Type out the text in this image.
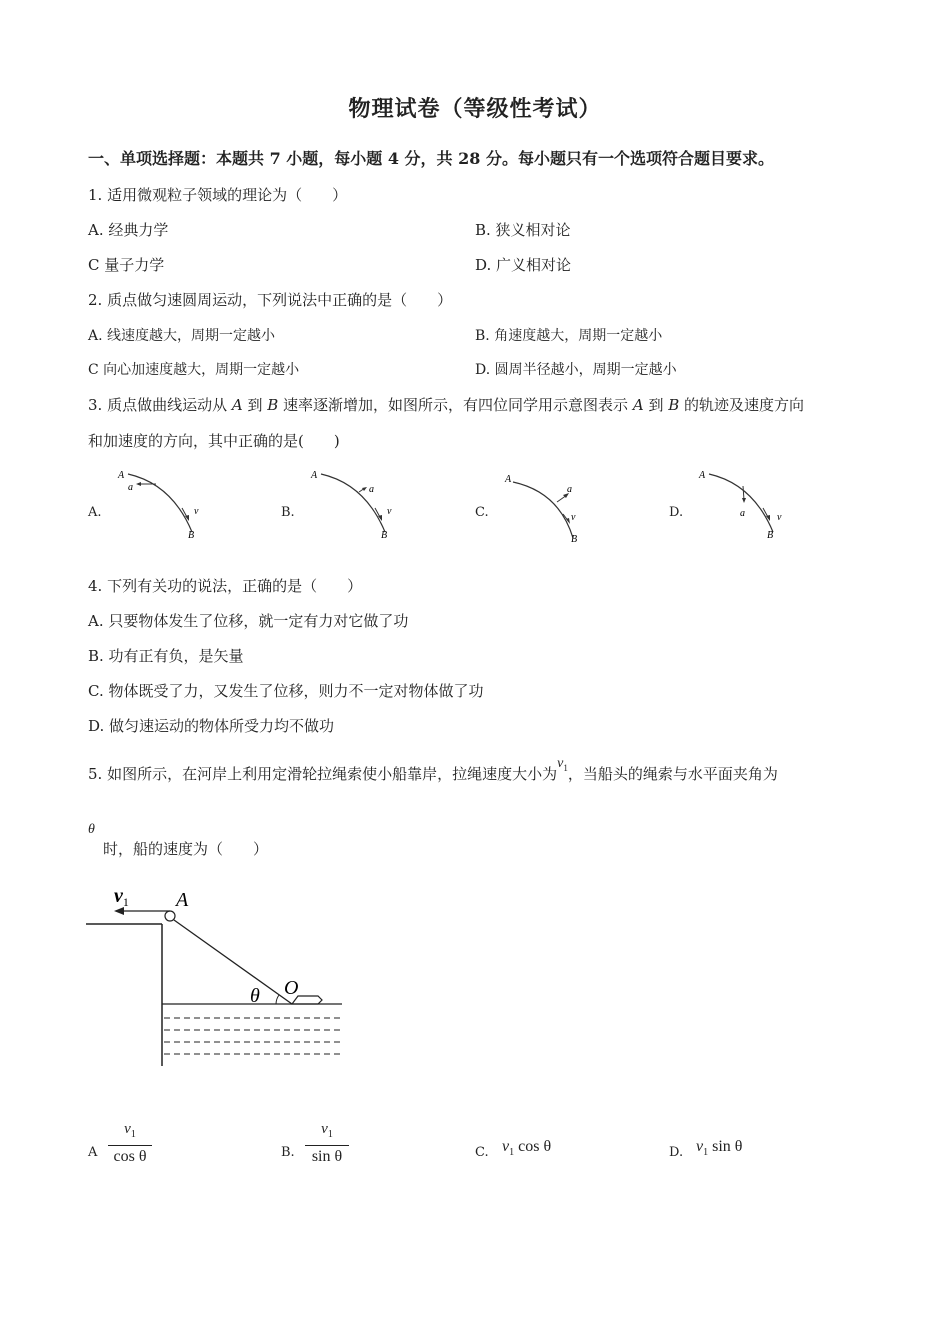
物理试卷（等级性考试）
一、单项选择题：本题共 7 小题，每小题 4 分，共 28 分。每小题只有一个选项符合题目要求。
1. 适用微观粒子领域的理论为（　　）
A. 经典力学	B. 狭义相对论
C 量子力学	D. 广义相对论
2. 质点做匀速圆周运动，下列说法中正确的是（　　）
A. 线速度越大，周期一定越小	B. 角速度越大，周期一定越小
C 向心加速度越大，周期一定越小	D. 圆周半径越小，周期一定越小
3. 质点做曲线运动从 A 到 B 速率逐渐增加，如图所示，有四位同学用示意图表示 A 到 B 的轨迹及速度方向
和加速度的方向，其中正确的是(　　)
A.	B.	C.	D.
A
a
v
B
A
a
v
B
A
a
v
B
A
a	v
B
4. 下列有关功的说法，正确的是（　　）
A. 只要物体发生了位移，就一定有力对它做了功
B. 功有正有负，是矢量
C. 物体既受了力，又发生了位移，则力不一定对物体做了功
D. 做匀速运动的物体所受力均不做功
5. 如图所示，在河岸上利用定滑轮拉绳索使小船靠岸，拉绳速度大小为$v_1$，当船头的绳索与水平面夹角为
θ
时，船的速度为（　　）
$v_1$ A
O
θ
A
$v_1$
cos θ	B.
$v_1$
sin θ	C. $v_1$ cos θ	D. $v_1$ sin θ
